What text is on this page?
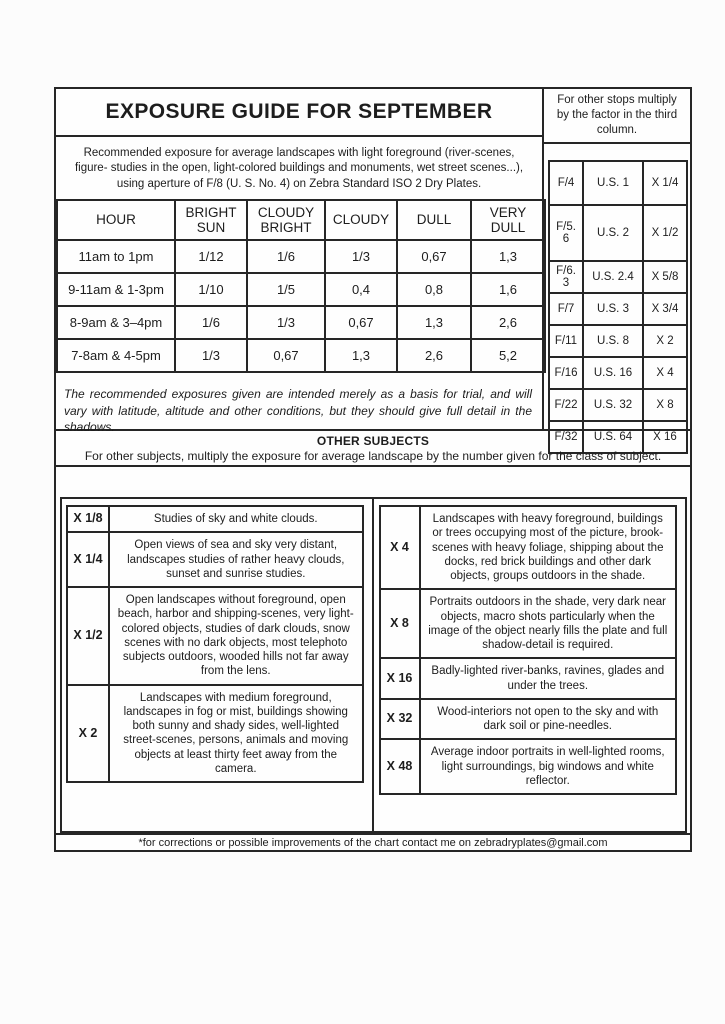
EXPOSURE GUIDE FOR SEPTEMBER
Recommended exposure for average landscapes with light foreground (river-scenes, figure- studies in the open, light-colored buildings and monuments, wet street scenes...), using aperture of F/8 (U. S. No. 4) on Zebra Standard ISO 2 Dry Plates.
HOUR	BRIGHT SUN	CLOUDY BRIGHT	CLOUDY	DULL	VERY DULL
11am to 1pm	1/12	1/6	1/3	0,67	1,3
9-11am & 1-3pm	1/10	1/5	0,4	0,8	1,6
8-9am & 3–4pm	1/6	1/3	0,67	1,3	2,6
7-8am & 4-5pm	1/3	0,67	1,3	2,6	5,2
The recommended exposures given are intended merely as a basis for trial, and will vary with latitude, altitude and other conditions, but they should give full detail in the shadows.
For other stops multiply by the factor in the third column.
F/4	U.S. 1	X 1/4
F/5.6	U.S. 2	X 1/2
F/6.3	U.S. 2.4	X 5/8
F/7	U.S. 3	X 3/4
F/11	U.S. 8	X 2
F/16	U.S. 16	X 4
F/22	U.S. 32	X 8
F/32	U.S. 64	X 16
OTHER SUBJECTS
For other subjects, multiply the exposure for average landscape by the number given for the class of subject.
X 1/8	Studies of sky and white clouds.
X 1/4	Open views of sea and sky very distant, landscapes studies of rather heavy clouds, sunset and sunrise studies.
X 1/2	Open landscapes without foreground, open beach, harbor and shipping-scenes, very light-colored objects, studies of dark clouds, snow scenes with no dark objects, most telephoto subjects outdoors, wooded hills not far away from the lens.
X 2	Landscapes with medium foreground, landscapes in fog or mist, buildings showing both sunny and shady sides, well-lighted street-scenes, persons, animals and moving objects at least thirty feet away from the camera.
X 4	Landscapes with heavy foreground, buildings or trees occupying most of the picture, brook-scenes with heavy foliage, shipping about the docks, red brick buildings and other dark objects, groups outdoors in the shade.
X 8	Portraits outdoors in the shade, very dark near objects, macro shots particularly when the image of the object nearly fills the plate and full shadow-detail is required.
X 16	Badly-lighted river-banks, ravines, glades and under the trees.
X 32	Wood-interiors not open to the sky and with dark soil or pine-needles.
X 48	Average indoor portraits in well-lighted rooms, light surroundings, big windows and white reflector.
*for corrections or possible improvements of the chart contact me on zebradryplates@gmail.com
